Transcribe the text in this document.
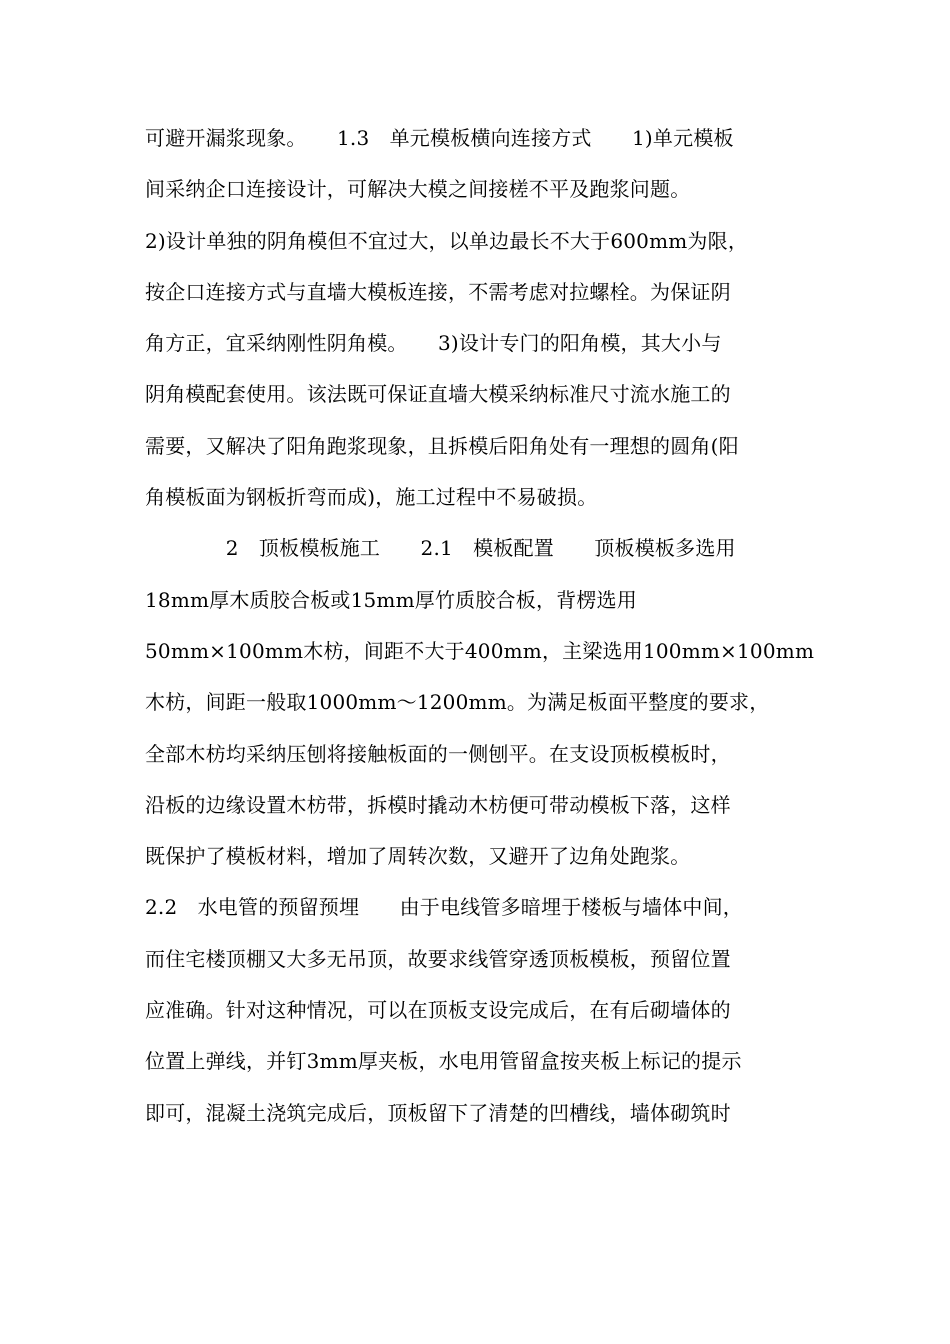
可避开漏浆现象。　　1.3　单元模板横向连接方式　　1)单元模板
间采纳企口连接设计，可解决大模之间接槎不平及跑浆问题。
2)设计单独的阴角模但不宜过大，以单边最长不大于600mm为限，
按企口连接方式与直墙大模板连接，不需考虑对拉螺栓。为保证阴
角方正，宜采纳刚性阴角模。　　3)设计专门的阳角模，其大小与
阴角模配套使用。该法既可保证直墙大模采纳标准尺寸流水施工的
需要，又解决了阳角跑浆现象，且拆模后阳角处有一理想的圆角(阳
角模板面为钢板折弯而成)，施工过程中不易破损。
　　　　2　顶板模板施工　　2.1　模板配置　　顶板模板多选用
18mm厚木质胶合板或15mm厚竹质胶合板，背楞选用
50mm×100mm木枋，间距不大于400mm，主梁选用100mm×100mm
木枋，间距一般取1000mm～1200mm。为满足板面平整度的要求，
全部木枋均采纳压刨将接触板面的一侧刨平。在支设顶板模板时，
沿板的边缘设置木枋带，拆模时撬动木枋便可带动模板下落，这样
既保护了模板材料，增加了周转次数，又避开了边角处跑浆。
2.2　水电管的预留预埋　　由于电线管多暗埋于楼板与墙体中间，
而住宅楼顶棚又大多无吊顶，故要求线管穿透顶板模板，预留位置
应准确。针对这种情况，可以在顶板支设完成后，在有后砌墙体的
位置上弹线，并钉3mm厚夹板，水电用管留盒按夹板上标记的提示
即可，混凝土浇筑完成后，顶板留下了清楚的凹槽线，墙体砌筑时
